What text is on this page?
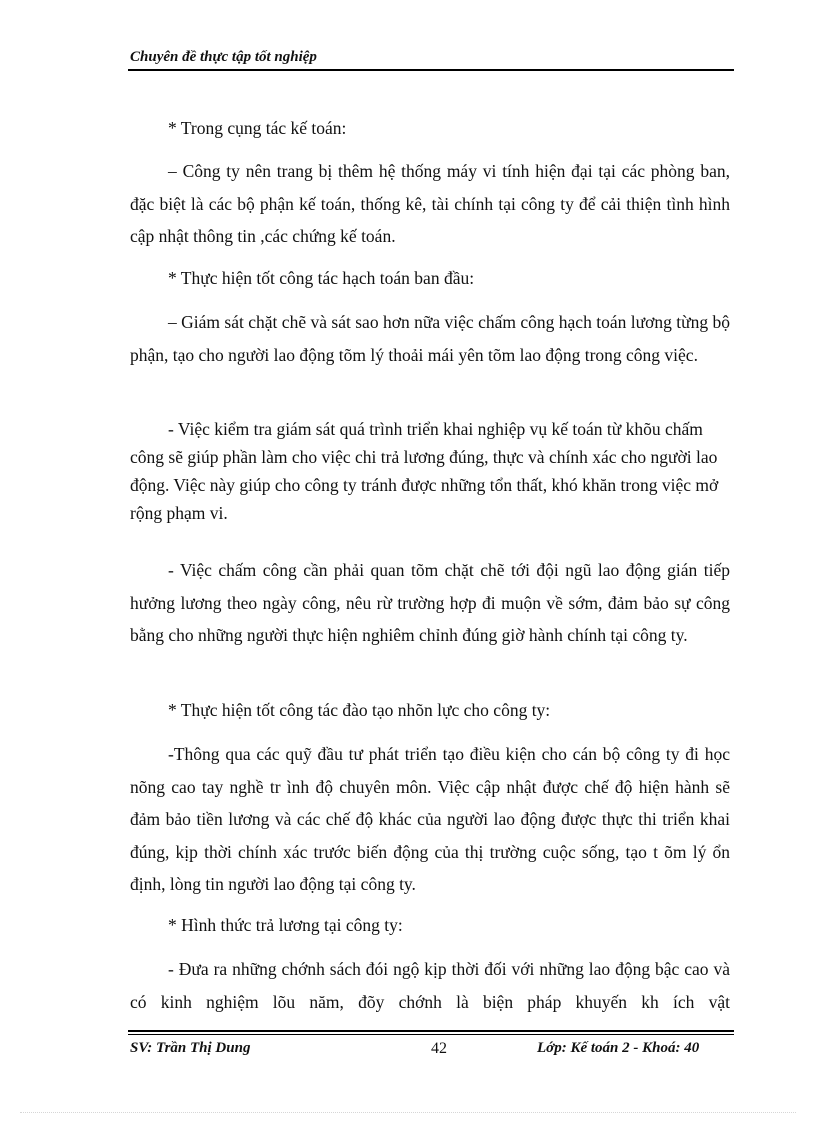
Chuyên đề thực tập tốt nghiệp

* Trong cụng tác kế toán:

– Công ty nên trang bị thêm hệ thống máy vi tính hiện đại tại các phòng ban, đặc biệt là các bộ phận kế toán, thống kê, tài chính tại công ty để cải thiện tình hình cập nhật thông tin ,các chứng kế toán.

* Thực hiện tốt công tác hạch toán ban đầu:

– Giám sát chặt chẽ và sát sao hơn nữa việc chấm công hạch toán lương từng bộ phận, tạo cho người lao động tõm lý thoải mái yên tõm lao động trong công việc.

- Việc kiểm tra giám sát quá trình triển khai nghiệp vụ kế toán từ khõu chấm công sẽ giúp phần làm cho việc chi trả lương đúng, thực và chính xác cho người lao động. Việc này giúp cho công ty tránh được những tổn thất, khó khăn trong việc mở rộng phạm vi.

- Việc chấm công cần phải quan tõm chặt chẽ tới đội ngũ lao động gián tiếp hưởng lương theo ngày công, nêu rừ trường hợp đi muộn về sớm, đảm bảo sự công bằng cho những người thực hiện nghiêm chỉnh đúng giờ hành chính tại công ty.

* Thực hiện tốt công tác đào tạo nhõn lực cho công ty:

-Thông qua các quỹ đầu tư phát triển tạo điều kiện cho cán bộ công ty đi học nõng cao tay nghề tr ình độ chuyên môn. Việc cập nhật được chế độ hiện hành sẽ đảm bảo tiền lương và các chế độ khác của người lao động được thực thi triển khai đúng, kịp thời chính xác trước biến động của thị trường cuộc sống, tạo t õm lý ổn định, lòng tin người lao động tại công ty.

* Hình thức trả lương tại công ty:

- Đưa ra những chớnh sách đói ngộ kịp thời đối với những lao động bậc cao và có kinh nghiệm lõu năm, đõy chớnh là biện pháp khuyến kh ích vật

SV: Trần Thị Dung	42	Lớp: Kế toán 2 - Khoá: 40
